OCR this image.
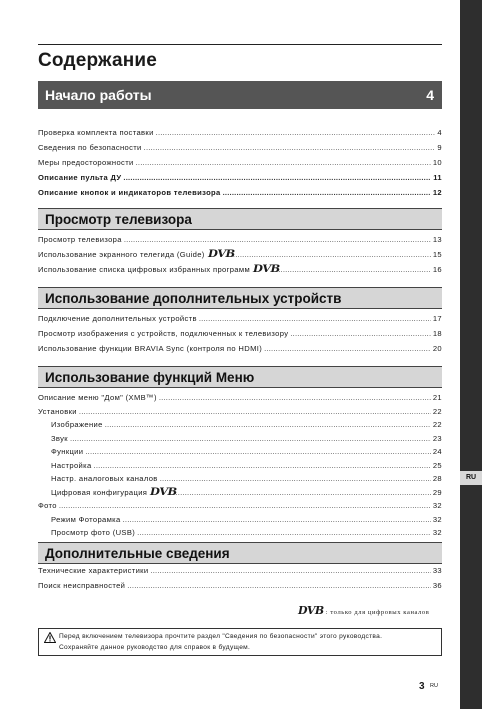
Содержание
RU
Начало работы	4
Проверка комплекта поставки .....	4
Сведения по безопасности .....	9
Меры предосторожности .....	10
Описание пульта ДУ .....	11
Описание кнопок и индикаторов телевизора .....	12
Просмотр телевизора
Просмотр телевизора .....	13
Использование экранного телегида (Guide) DVB .....	15
Использование списка цифровых избранных программ DVB .....	16
Использование дополнительных устройств
Подключение дополнительных устройств .....	17
Просмотр изображения с устройств, подключенных к телевизору .....	18
Использование функции BRAVIA Sync (контроля по HDMI) .....	20
Использование функций Меню
Описание меню "Дом" (XMB™) .....	21
Установки .....	22
Изображение .....	22
Звук .....	23
Функции .....	24
Настройка .....	25
Настр. аналоговых каналов .....	28
Цифровая конфигурация DVB .....	29
Фото .....	32
Режим Фоторамка .....	32
Просмотр фото (USB) .....	32
Дополнительные сведения
Технические характеристики .....	33
Поиск неисправностей .....	36
DVB : только для цифровых каналов
Перед включением телевизора прочтите раздел "Сведения по безопасности" этого руководства.
Сохраняйте данное руководство для справок в будущем.
3 RU
